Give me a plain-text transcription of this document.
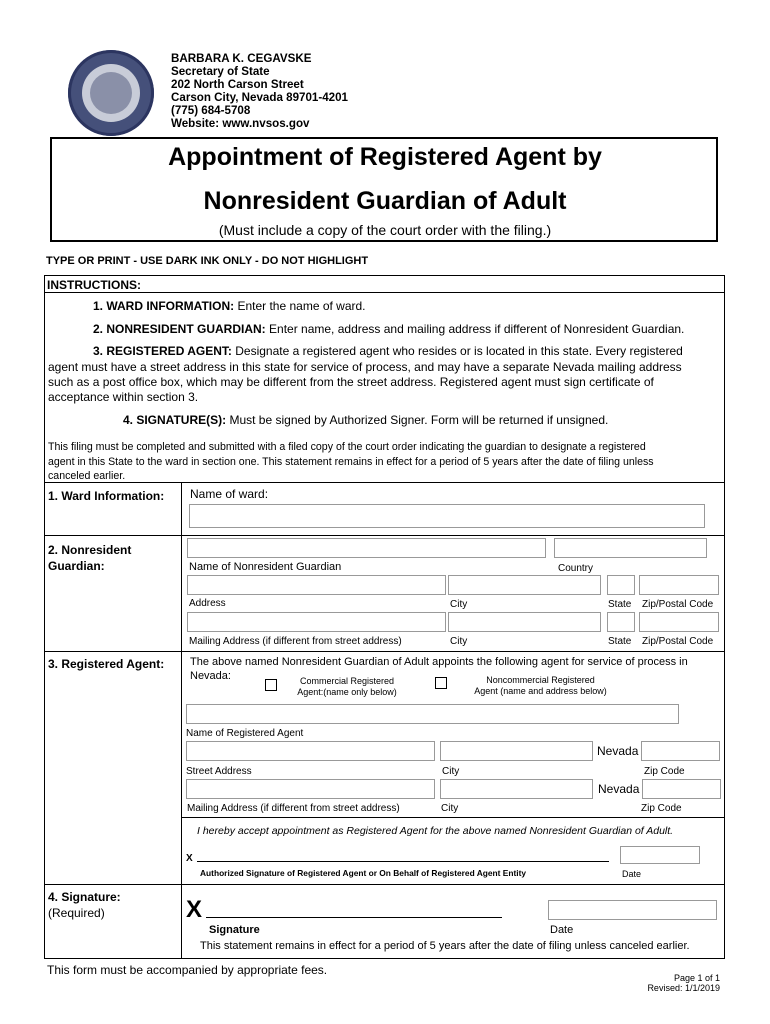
BARBARA K. CEGAVSKE
Secretary of State
202 North Carson Street
Carson City, Nevada 89701-4201
(775) 684-5708
Website: www.nvsos.gov
Appointment of Registered Agent by
Nonresident Guardian of Adult
(Must include a copy of the court order with the filing.)
TYPE OR PRINT - USE DARK INK ONLY - DO NOT HIGHLIGHT
INSTRUCTIONS:
1. WARD INFORMATION: Enter the name of ward.
2. NONRESIDENT GUARDIAN: Enter name, address and mailing address if different of Nonresident Guardian.
3. REGISTERED AGENT: Designate a registered agent who resides or is located in this state. Every registered
agent must have a street address in this state for service of process, and may have a separate Nevada mailing address
such as a post office box, which may be different from the street address. Registered agent must sign certificate of
acceptance within section 3.
4. SIGNATURE(S): Must be signed by Authorized Signer. Form will be returned if unsigned.
This filing must be completed and submitted with a filed copy of the court order indicating the guardian to designate a registered
agent in this State to the ward in section one. This statement remains in effect for a period of 5 years after the date of filing unless
canceled earlier.
1. Ward Information: Name of ward:
2. Nonresident
Guardian:	Name of Nonresident Guardian	Country
Address	City	State Zip/Postal Code
Mailing Address (if different from street address)	City	State Zip/Postal Code
3. Registered Agent: The above named Nonresident Guardian of Adult appoints the following agent for service of process in
Nevada:	Commercial Registered
Agent:(name only below)
Noncommercial Registered
Agent (name and address below)
Name of Registered Agent
Nevada
Street Address	City	Zip Code
Nevada
Mailing Address (if different from street address)	City	Zip Code
I hereby accept appointment as Registered Agent for the above named Nonresident Guardian of Adult.
X
Authorized Signature of Registered Agent or On Behalf of Registered Agent Entity	Date
4. Signature:
(Required)	X
Signature	Date
This statement remains in effect for a period of 5 years after the date of filing unless canceled earlier.
This form must be accompanied by appropriate fees.
Page 1 of 1
Revised: 1/1/2019
